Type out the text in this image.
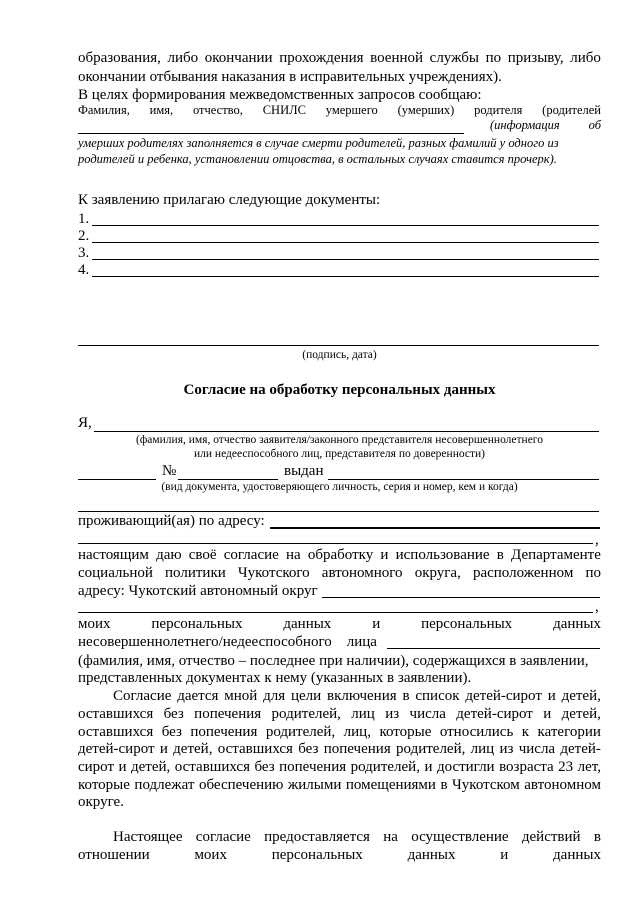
образования, либо окончании прохождения военной службы по призыву, либо
окончании отбывания наказания в исправительных учреждениях).
В целях формирования межведомственных запросов сообщаю:
Фамилия, имя, отчество, СНИЛС умершего (умерших) родителя (родителей
(информация об
умерших родителях заполняется в случае смерти родителей, разных фамилий у одного из
родителей и ребенка, установлении отцовства, в остальных случаях ставится прочерк).
К заявлению прилагаю следующие документы:
1.
2.
3.
4.
(подпись, дата)
Согласие на обработку персональных данных
Я,
(фамилия, имя, отчество заявителя/законного представителя несовершеннолетнего
или недееспособного лиц, представителя по доверенности)
№	выдан
(вид документа, удостоверяющего личность, серия и номер, кем и когда)
проживающий(ая) по адресу:
,
настоящим даю своё согласие на обработку и использование в Департаменте
социальной политики Чукотского автономного округа, расположенном по
адресу: Чукотский автономный округ
,
моих	персональных	данных	и	персональных	данных
несовершеннолетнего/недееспособного    лица
(фамилия, имя, отчество – последнее при наличии), содержащихся в заявлении,
представленных документах к нему (указанных в заявлении).
Согласие дается мной для цели включения в список детей-сирот и детей,
оставшихся без попечения родителей, лиц из числа детей-сирот и детей,
оставшихся без попечения родителей, лиц, которые относились к категории
детей-сирот и детей, оставшихся без попечения родителей, лиц из числа детей-
сирот и детей, оставшихся без попечения родителей, и достигли возраста 23 лет,
которые подлежат обеспечению жилыми помещениями в Чукотском автономном
округе.
Настоящее согласие предоставляется на осуществление действий в
отношении	моих	персональных	данных	и	данных
